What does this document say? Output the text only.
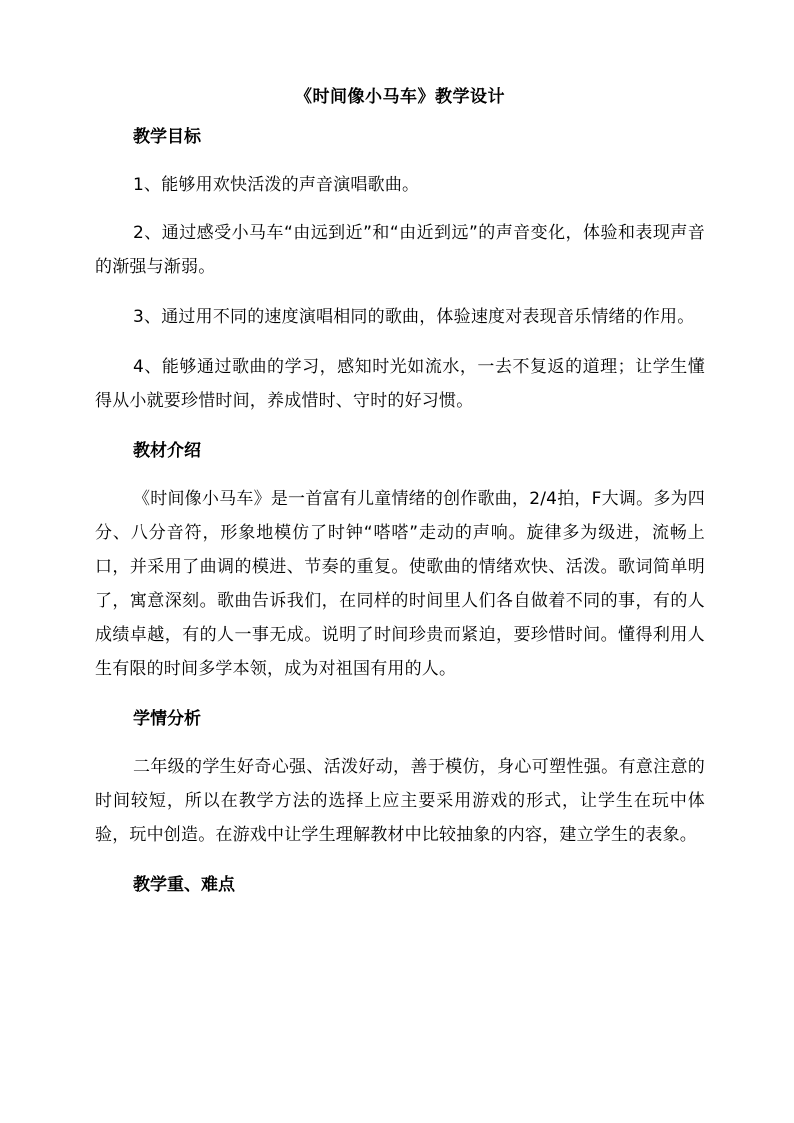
《时间像小马车》教学设计
教学目标

1、能够用欢快活泼的声音演唱歌曲。

2、通过感受小马车“由远到近”和“由近到远”的声音变化，体验和表现声音的渐强与渐弱。

3、通过用不同的速度演唱相同的歌曲，体验速度对表现音乐情绪的作用。

4、能够通过歌曲的学习，感知时光如流水，一去不复返的道理；让学生懂得从小就要珍惜时间，养成惜时、守时的好习惯。

教材介绍

《时间像小马车》是一首富有儿童情绪的创作歌曲，2/4拍，F大调。多为四分、八分音符，形象地模仿了时钟“嗒嗒”走动的声响。旋律多为级进，流畅上口，并采用了曲调的模进、节奏的重复。使歌曲的情绪欢快、活泼。歌词简单明了，寓意深刻。歌曲告诉我们，在同样的时间里人们各自做着不同的事，有的人成绩卓越，有的人一事无成。说明了时间珍贵而紧迫，要珍惜时间。懂得利用人生有限的时间多学本领，成为对祖国有用的人。

学情分析

二年级的学生好奇心强、活泼好动，善于模仿，身心可塑性强。有意注意的时间较短，所以在教学方法的选择上应主要采用游戏的形式，让学生在玩中体验，玩中创造。在游戏中让学生理解教材中比较抽象的内容，建立学生的表象。

教学重、难点
